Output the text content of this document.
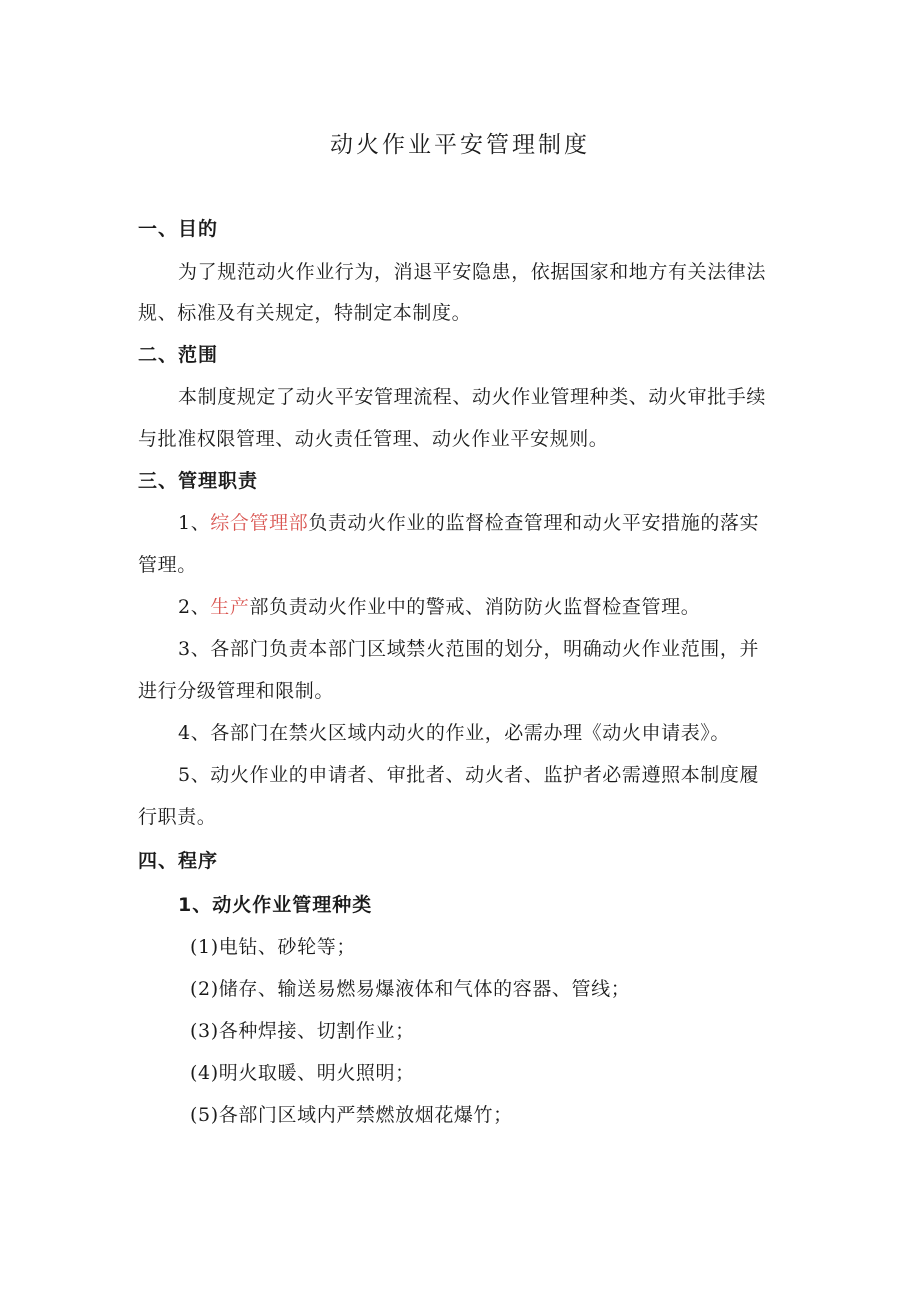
动火作业平安管理制度

一、目的

为了规范动火作业行为，消退平安隐患，依据国家和地方有关法律法

规、标准及有关规定，特制定本制度。

二、范围

本制度规定了动火平安管理流程、动火作业管理种类、动火审批手续

与批准权限管理、动火责任管理、动火作业平安规则。

三、管理职责

1、综合管理部负责动火作业的监督检查管理和动火平安措施的落实

管理。

2、生产部负责动火作业中的警戒、消防防火监督检查管理。

3、各部门负责本部门区域禁火范围的划分，明确动火作业范围，并

进行分级管理和限制。

4、各部门在禁火区域内动火的作业，必需办理《动火申请表》。

5、动火作业的申请者、审批者、动火者、监护者必需遵照本制度履

行职责。

四、程序

1、动火作业管理种类

(1)电钻、砂轮等；

(2)储存、输送易燃易爆液体和气体的容器、管线；

(3)各种焊接、切割作业；

(4)明火取暖、明火照明；

(5)各部门区域内严禁燃放烟花爆竹；
